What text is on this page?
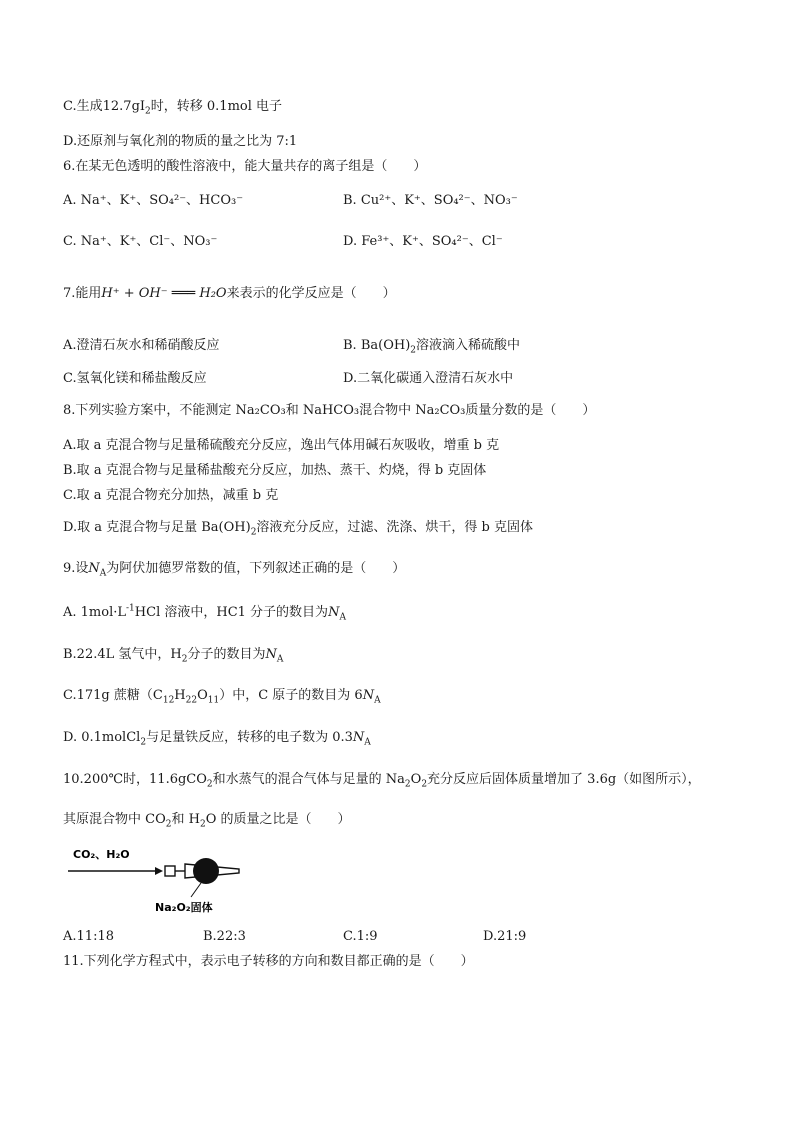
C.生成$12.7gI_2$时，转移 0.1mol 电子
D.还原剂与氧化剂的物质的量之比为 7:1
6.在某无色透明的酸性溶液中，能大量共存的离子组是（　　）
A. Na⁺、K⁺、SO₄²⁻、HCO₃⁻	B. Cu²⁺、K⁺、SO₄²⁻、NO₃⁻
C. Na⁺、K⁺、Cl⁻、NO₃⁻	D. Fe³⁺、K⁺、SO₄²⁻、Cl⁻
7.能用H⁺ + OH⁻ ═══ H₂O来表示的化学反应是（　　）
A.澄清石灰水和稀硝酸反应	B. $Ba(OH)_2$溶液滴入稀硫酸中
C.氢氧化镁和稀盐酸反应	D.二氧化碳通入澄清石灰水中
8.下列实验方案中，不能测定 Na₂CO₃和 NaHCO₃混合物中 Na₂CO₃质量分数的是（　　）
A.取 a 克混合物与足量稀硫酸充分反应，逸出气体用碱石灰吸收，增重 b 克
B.取 a 克混合物与足量稀盐酸充分反应，加热、蒸干、灼烧，得 b 克固体
C.取 a 克混合物充分加热，减重 b 克
D.取 a 克混合物与足量 $Ba(OH)_2$溶液充分反应，过滤、洗涤、烘干，得 b 克固体
9.设$N_A$为阿伏加德罗常数的值，下列叙述正确的是（　　）
A. $1mol\cdot L^{-1}HCl$ 溶液中，HC1 分子的数目为$N_A$
B.22.4L 氢气中，$H_2$分子的数目为$N_A$
C.171g 蔗糖$(C_{12}H_{22}O_{11})$中，C 原子的数目为 $6N_A$
D. 0.1molCl$_2$与足量铁反应，转移的电子数为 $0.3N_A$
10.200℃时，11.6gCO$_2$和水蒸气的混合气体与足量的 $Na_2O_2$充分反应后固体质量增加了 3.6g（如图所示），
其原混合物中 $CO_2$和 $H_2O$ 的质量之比是（　　）
CO₂、H₂O
Na₂O₂固体
A.11:18	B.22:3	C.1:9	D.21:9
11.下列化学方程式中，表示电子转移的方向和数目都正确的是（　　）
